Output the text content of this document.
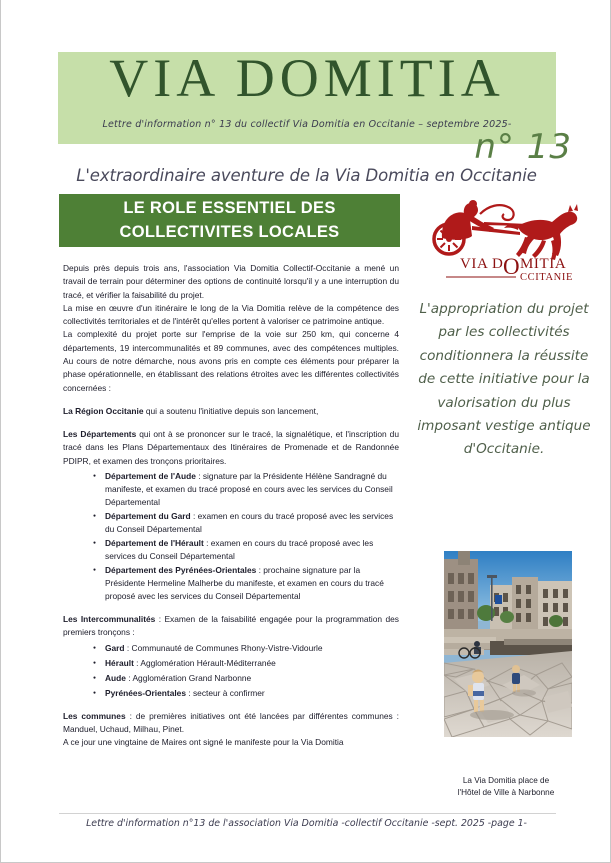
VIA DOMITIA
Lettre d'information n° 13 du collectif Via Domitia en Occitanie – septembre 2025-
n° 13
L'extraordinaire aventure de la Via Domitia en Occitanie
LE ROLE ESSENTIEL DES
COLLECTIVITES LOCALES

Depuis près depuis trois ans, l'association Via Domitia Collectif-Occitanie a mené un travail de terrain pour déterminer des options de continuité lorsqu'il y a une interruption du tracé, et vérifier la faisabilité du projet.

La mise en œuvre d'un itinéraire le long de la Via Domitia relève de la compétence des collectivités territoriales et de l'intérêt qu'elles portent à valoriser ce patrimoine antique.

La complexité du projet porte sur l'emprise de la voie sur 250 km, qui concerne 4 départements, 19 intercommunalités et 89 communes, avec des compétences multiples. Au cours de notre démarche, nous avons pris en compte ces éléments pour préparer la phase opérationnelle, en établissant des relations étroites avec les différentes collectivités concernées :

La Région Occitanie qui a soutenu l'initiative depuis son lancement,

Les Départements qui ont à se prononcer sur le tracé, la signalétique, et l'inscription du tracé dans les Plans Départementaux des Itinéraires de Promenade et de Randonnée PDIPR, et examen des tronçons prioritaires.

● Département de l'Aude : signature par la Présidente Hélène Sandragné du manifeste, et examen du tracé proposé en cours avec les services du Conseil Départemental
● Département du Gard : examen en cours du tracé proposé avec les services du Conseil Départemental
● Département de l'Hérault : examen en cours du tracé proposé avec les services du Conseil Départemental
● Département des Pyrénées-Orientales : prochaine signature par la Présidente Hermeline Malherbe du manifeste, et examen en cours du tracé proposé avec les services du Conseil Départemental

Les Intercommunalités : Examen de la faisabilité engagée pour la programmation des premiers tronçons :

● Gard : Communauté de Communes Rhony-Vistre-Vidourle
● Hérault : Agglomération Hérault-Méditerranée
● Aude : Agglomération Grand Narbonne
● Pyrénées-Orientales : secteur à confirmer

Les communes : de premières initiatives ont été lancées par différentes communes : Manduel, Uchaud, Milhau, Pinet.

A ce jour une vingtaine de Maires ont signé le manifeste pour la Via Domitia

VIA D O MITIA
CCITANIE
L'appropriation du projet par les collectivités conditionnera la réussite de cette initiative pour la valorisation du plus imposant vestige antique d'Occitanie.
La Via Domitia place de
l'Hôtel de Ville à Narbonne
Lettre d'information n°13 de l'association Via Domitia -collectif Occitanie -sept. 2025 -page 1-
